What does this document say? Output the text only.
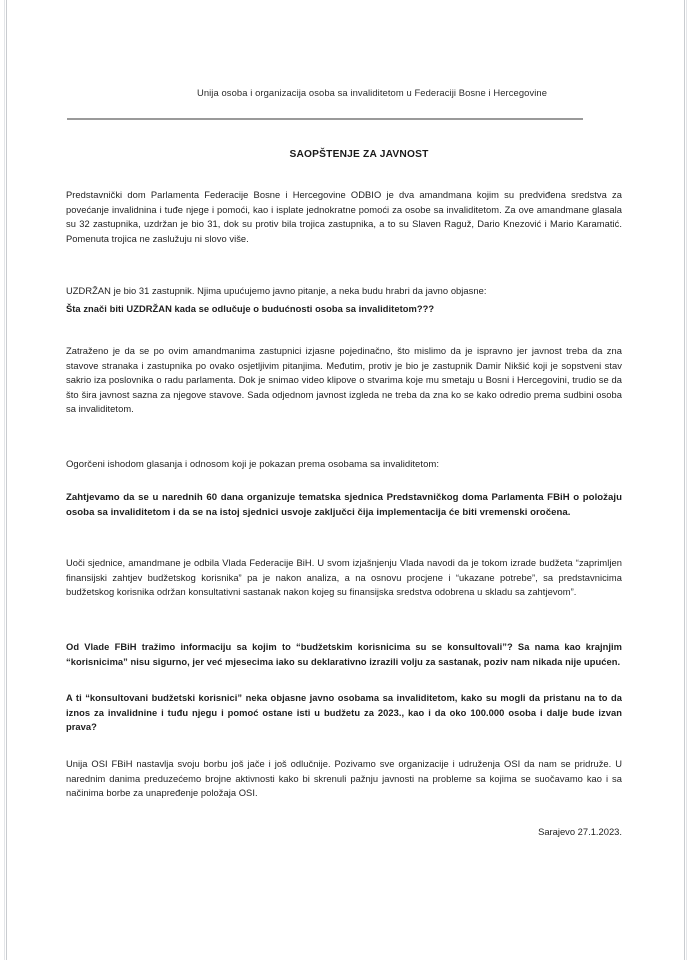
Unija osoba i organizacija osoba sa invaliditetom u Federaciji Bosne i Hercegovine
SAOPŠTENJE ZA JAVNOST

Predstavnički dom Parlamenta Federacije Bosne i Hercegovine ODBIO je dva amandmana kojim su predviđena sredstva za povećanje invalidnina i tuđe njege i pomoći, kao i isplate jednokratne pomoći za osobe sa invaliditetom. Za ove amandmane glasala su 32 zastupnika, uzdržan je bio 31, dok su protiv bila trojica zastupnika, a to su Slaven Raguž, Dario Knezović i Mario Karamatić. Pomenuta trojica ne zaslužuju ni slovo više.

UZDRŽAN je bio 31 zastupnik. Njima upućujemo javno pitanje, a neka budu hrabri da javno objasne:

Šta znači biti UZDRŽAN kada se odlučuje o budućnosti osoba sa invaliditetom???

Zatraženo je da se po ovim amandmanima zastupnici izjasne pojedinačno, što mislimo da je ispravno jer javnost treba da zna stavove stranaka i zastupnika po ovako osjetljivim pitanjima. Međutim, protiv je bio je zastupnik Damir Nikšić koji je sopstveni stav sakrio iza poslovnika o radu parlamenta. Dok je snimao video klipove o stvarima koje mu smetaju u Bosni i Hercegovini, trudio se da što šira javnost sazna za njegove stavove. Sada odjednom javnost izgleda ne treba da zna ko se kako odredio prema sudbini osoba sa invaliditetom.

Ogorčeni ishodom glasanja i odnosom koji je pokazan prema osobama sa invaliditetom:

Zahtjevamo da se u narednih 60 dana organizuje tematska sjednica Predstavničkog doma Parlamenta FBiH o položaju osoba sa invaliditetom i da se na istoj sjednici usvoje zaključci čija implementacija će biti vremenski oročena.

Uoči sjednice, amandmane je odbila Vlada Federacije BiH. U svom izjašnjenju Vlada navodi da je tokom izrade budžeta “zaprimljen finansijski zahtjev budžetskog korisnika” pa je nakon analiza, a na osnovu procjene i “ukazane potrebe”, sa predstavnicima budžetskog korisnika održan konsultativni sastanak nakon kojeg su finansijska sredstva odobrena u skladu sa zahtjevom”.

Od Vlade FBiH tražimo informaciju sa kojim to “budžetskim korisnicima su se konsultovali”? Sa nama kao krajnjim “korisnicima” nisu sigurno, jer već mjesecima iako su deklarativno izrazili volju za sastanak, poziv nam nikada nije upućen.

A ti “konsultovani budžetski korisnici” neka objasne javno osobama sa invaliditetom, kako su mogli da pristanu na to da iznos za invalidnine i tuđu njegu i pomoć ostane isti u budžetu za 2023., kao i da oko 100.000 osoba i dalje bude izvan prava?

Unija OSI FBiH nastavlja svoju borbu još jače i još odlučnije. Pozivamo sve organizacije i udruženja OSI da nam se pridruže. U narednim danima preduzećemo brojne aktivnosti kako bi skrenuli pažnju javnosti na probleme sa kojima se suočavamo kao i sa načinima borbe za unapređenje položaja OSI.

Sarajevo 27.1.2023.
